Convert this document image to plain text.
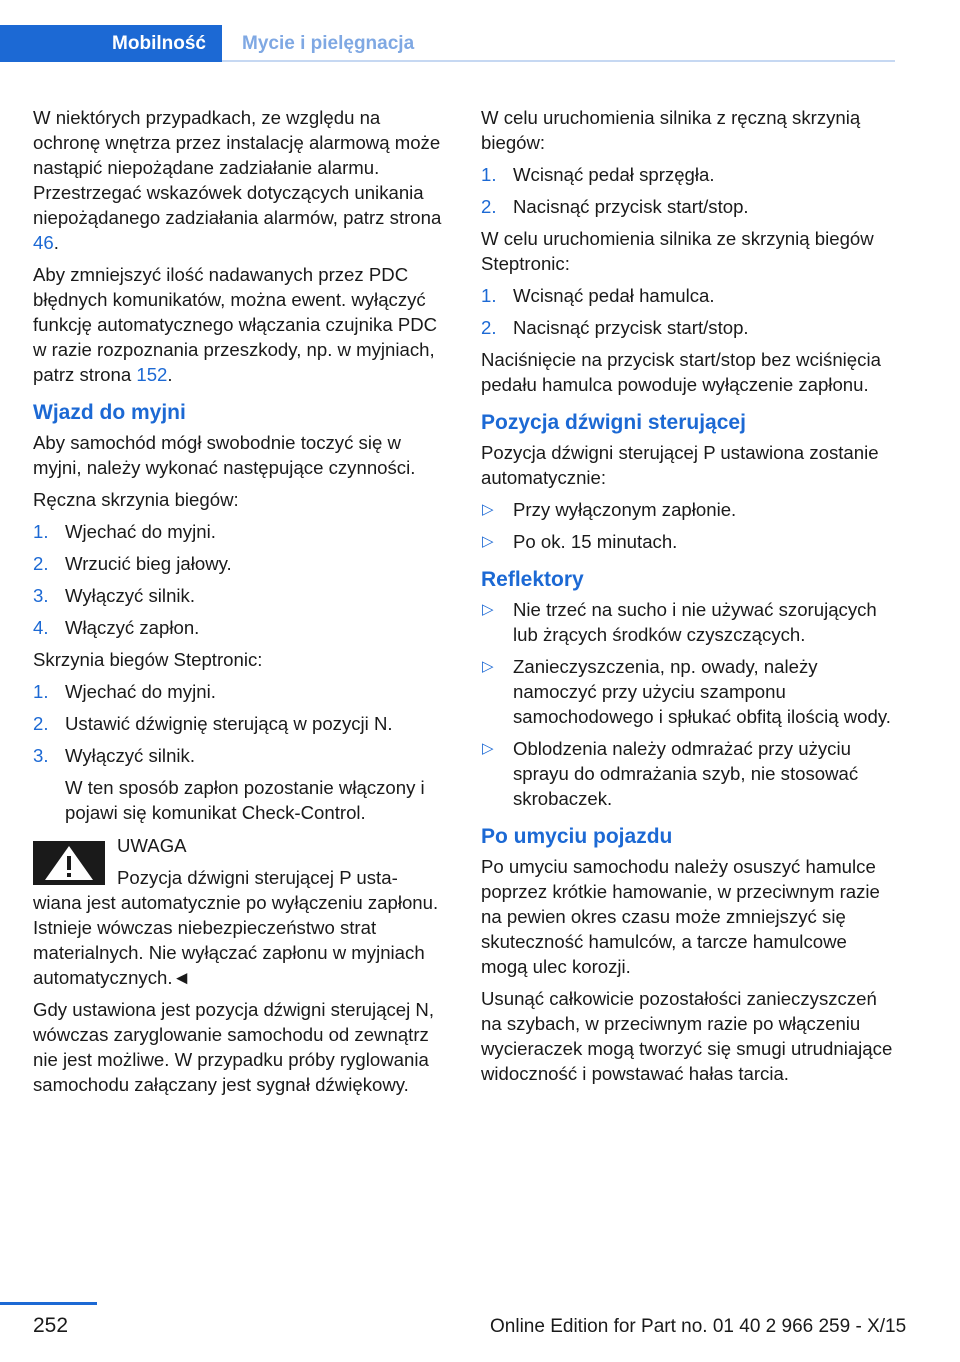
Mobilność	Mycie i pielęgnacja

W niektórych przypadkach, ze względu na ochronę wnętrza przez instalację alarmową może nastąpić niepożądane zadziałanie alarmu. Przestrzegać wskazówek dotyczących unikania niepożądanego zadziałania alarmów, patrz strona 46.

Aby zmniejszyć ilość nadawanych przez PDC błędnych komunikatów, można ewent. wyłączyć funkcję automatycznego włączania czujnika PDC w razie rozpoznania przeszkody, np. w myjniach, patrz strona 152.

Wjazd do myjni

Aby samochód mógł swobodnie toczyć się w myjni, należy wykonać następujące czynności.

Ręczna skrzynia biegów:

1. Wjechać do myjni.
2. Wrzucić bieg jałowy.
3. Wyłączyć silnik.
4. Włączyć zapłon.

Skrzynia biegów Steptronic:

1. Wjechać do myjni.
2. Ustawić dźwignię sterującą w pozycji N.
3. Wyłączyć silnik.
W ten sposób zapłon pozostanie włączony i pojawi się komunikat Check-Control.
UWAGA
Pozycja dźwigni sterującej P usta-
wiana jest automatycznie po wyłączeniu zapłonu. Istnieje wówczas niebezpieczeństwo strat materialnych. Nie wyłączać zapłonu w myjniach automatycznych.◄

Gdy ustawiona jest pozycja dźwigni sterującej N, wówczas zaryglowanie samochodu od zewnątrz nie jest możliwe. W przypadku próby ryglowania samochodu załączany jest sygnał dźwiękowy.

W celu uruchomienia silnika z ręczną skrzynią biegów:

1. Wcisnąć pedał sprzęgła.
2. Nacisnąć przycisk start/stop.

W celu uruchomienia silnika ze skrzynią biegów Steptronic:

1. Wcisnąć pedał hamulca.
2. Nacisnąć przycisk start/stop.

Naciśnięcie na przycisk start/stop bez wciśnięcia pedału hamulca powoduje wyłączenie zapłonu.

Pozycja dźwigni sterującej

Pozycja dźwigni sterującej P ustawiona zostanie automatycznie:

▷ Przy wyłączonym zapłonie.
▷ Po ok. 15 minutach.
Reflektory
▷ Nie trzeć na sucho i nie używać szorujących lub żrących środków czyszczących.
▷ Zanieczyszczenia, np. owady, należy namoczyć przy użyciu szamponu samochodowego i spłukać obfitą ilością wody.
▷ Oblodzenia należy odmrażać przy użyciu sprayu do odmrażania szyb, nie stosować skrobaczek.
Po umyciu pojazdu

Po umyciu samochodu należy osuszyć hamulce poprzez krótkie hamowanie, w przeciwnym razie na pewien okres czasu może zmniejszyć się skuteczność hamulców, a tarcze hamulcowe mogą ulec korozji.

Usunąć całkowicie pozostałości zanieczyszczeń na szybach, w przeciwnym razie po włączeniu wycieraczek mogą tworzyć się smugi utrudniające widoczność i powstawać hałas tarcia.

252	Online Edition for Part no. 01 40 2 966 259 - X/15
